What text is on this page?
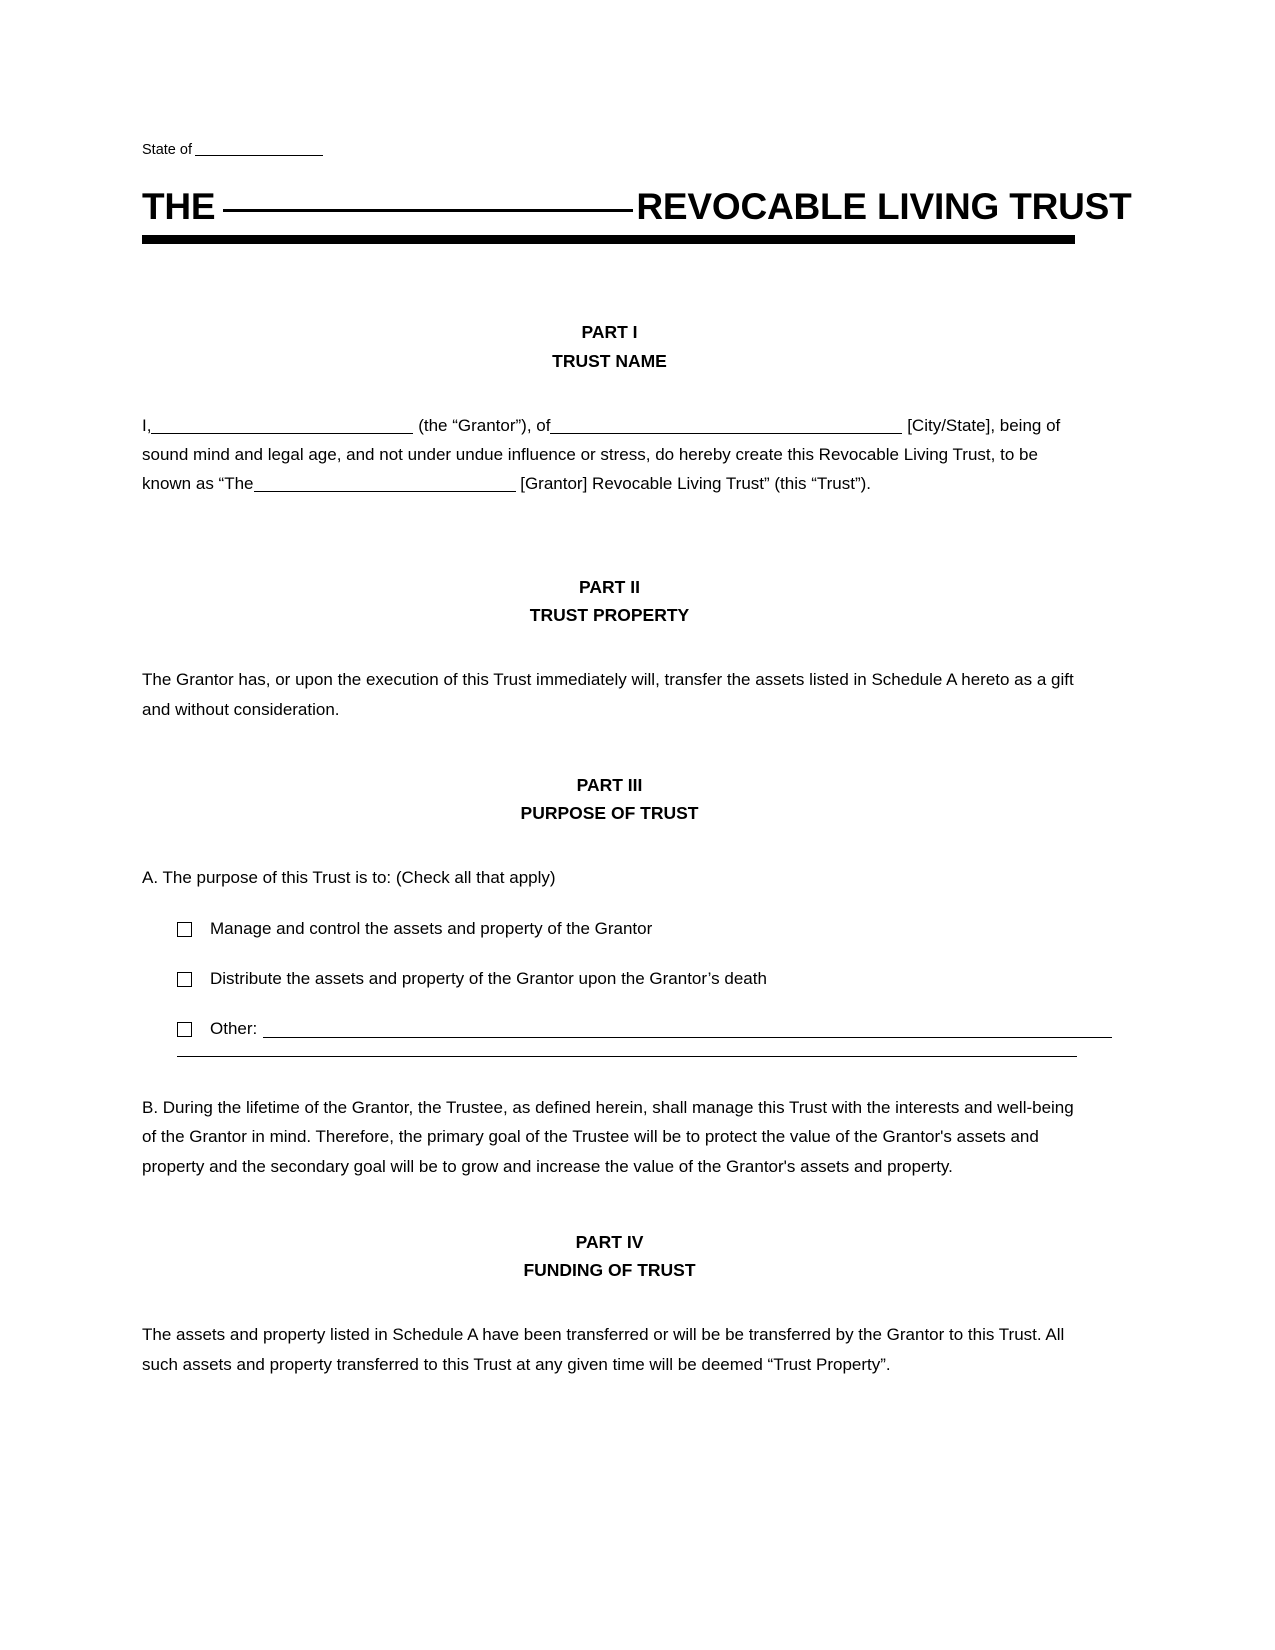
State of
THE	REVOCABLE LIVING TRUST
PART I
TRUST NAME

I,	(the “Grantor”), of	[City/State], being of sound mind and legal age, and not under undue influence or stress, do hereby create this Revocable Living Trust, to be known as “The	[Grantor] Revocable Living Trust” (this “Trust”).

PART II
TRUST PROPERTY

The Grantor has, or upon the execution of this Trust immediately will, transfer the assets listed in Schedule A hereto as a gift and without consideration.

PART III
PURPOSE OF TRUST

A. The purpose of this Trust is to: (Check all that apply)

Manage and control the assets and property of the Grantor
Distribute the assets and property of the Grantor upon the Grantor’s death
Other:

B. During the lifetime of the Grantor, the Trustee, as defined herein, shall manage this Trust with the interests and well-being of the Grantor in mind. Therefore, the primary goal of the Trustee will be to protect the value of the Grantor's assets and property and the secondary goal will be to grow and increase the value of the Grantor's assets and property.

PART IV
FUNDING OF TRUST

The assets and property listed in Schedule A have been transferred or will be be transferred by the Grantor to this Trust. All such assets and property transferred to this Trust at any given time will be deemed “Trust Property”.
